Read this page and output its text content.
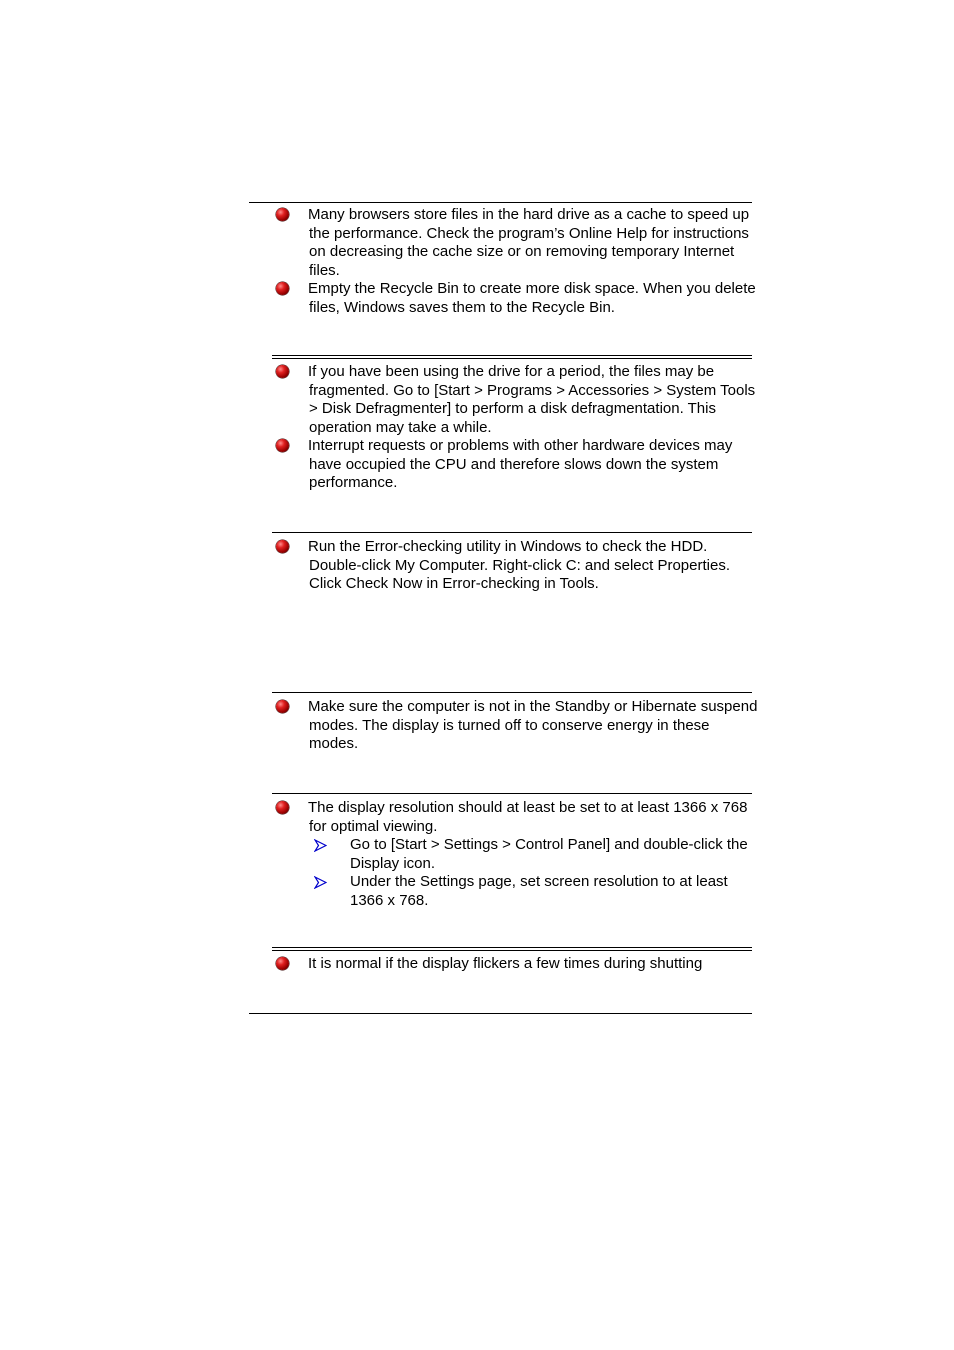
Many browsers store files in the hard drive as a cache to speed up the performance. Check the program’s Online Help for instructions on decreasing the cache size or on removing temporary Internet files.
Empty the Recycle Bin to create more disk space. When you delete files, Windows saves them to the Recycle Bin.
If you have been using the drive for a period, the files may be fragmented. Go to [Start > Programs > Accessories > System Tools > Disk Defragmenter] to perform a disk defragmentation. This operation may take a while.
Interrupt requests or problems with other hardware devices may have occupied the CPU and therefore slows down the system performance.
Run the Error-checking utility in Windows to check the HDD. Double-click My Computer. Right-click C: and select Properties. Click Check Now in Error-checking in Tools.
Make sure the computer is not in the Standby or Hibernate suspend modes. The display is turned off to conserve energy in these modes.
The display resolution should at least be set to at least 1366 x 768 for optimal viewing.
Go to [Start > Settings > Control Panel] and double-click the Display icon.
Under the Settings page, set screen resolution to at least 1366 x 768.
It is normal if the display flickers a few times during shutting
